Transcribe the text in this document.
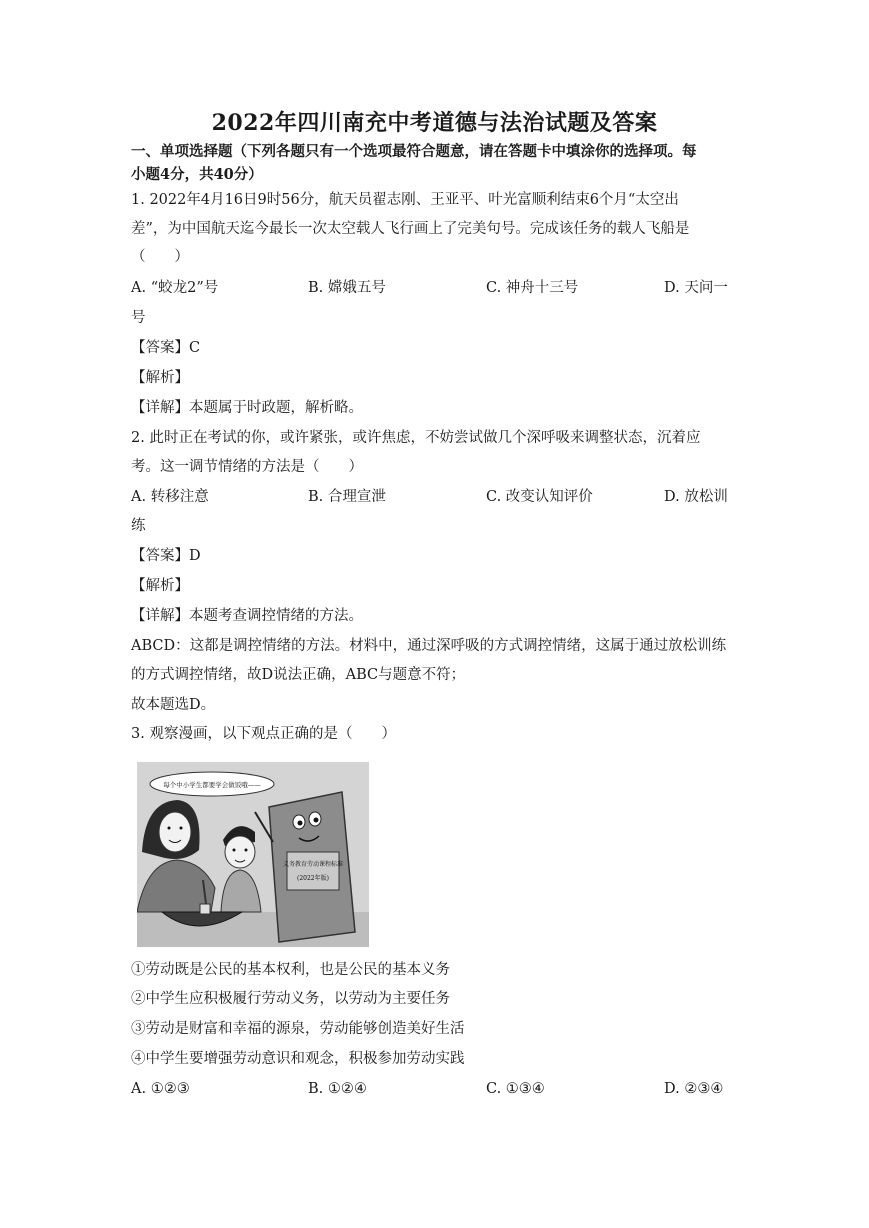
2022年四川南充中考道德与法治试题及答案
一、单项选择题（下列各题只有一个选项最符合题意，请在答题卡中填涂你的选择项。每
小题4分，共40分）
1. 2022年4月16日9时56分，航天员翟志刚、王亚平、叶光富顺利结束6个月“太空出
差”，为中国航天迄今最长一次太空载人飞行画上了完美句号。完成该任务的载人飞船是
（　　）
A. “蛟龙2”号	B. 嫦娥五号	C. 神舟十三号	D. 天问一
号
【答案】C
【解析】
【详解】本题属于时政题，解析略。
2. 此时正在考试的你，或许紧张，或许焦虑，不妨尝试做几个深呼吸来调整状态，沉着应
考。这一调节情绪的方法是（　　）
A. 转移注意	B. 合理宣泄	C. 改变认知评价	D. 放松训
练
【答案】D
【解析】
【详解】本题考查调控情绪的方法。
ABCD：这都是调控情绪的方法。材料中，通过深呼吸的方式调控情绪，这属于通过放松训练
的方式调控情绪，故D说法正确，ABC与题意不符；
故本题选D。
3. 观察漫画，以下观点正确的是（　　）
义务教育劳动课程标准
(2022年版)
每个中小学生都要学会做饭哦——
①劳动既是公民的基本权利，也是公民的基本义务
②中学生应积极履行劳动义务，以劳动为主要任务
③劳动是财富和幸福的源泉，劳动能够创造美好生活
④中学生要增强劳动意识和观念，积极参加劳动实践
A. ①②③	B. ①②④	C. ①③④	D. ②③④
